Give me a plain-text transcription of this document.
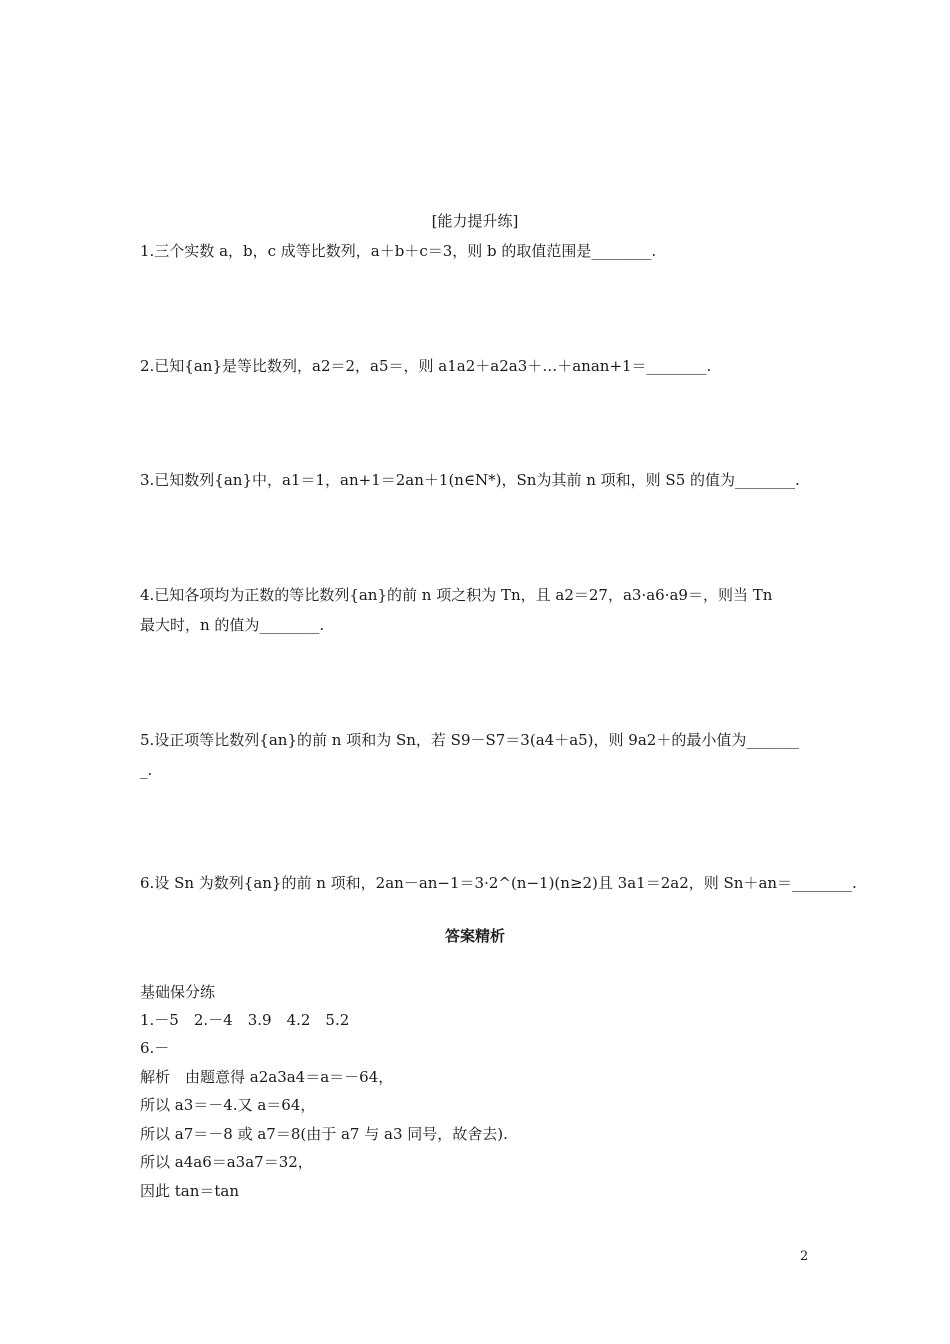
[能力提升练]
1.三个实数 a，b，c 成等比数列，a＋b＋c＝3，则 b 的取值范围是________.
2.已知{an}是等比数列，a2＝2，a5＝，则 a1a2＋a2a3＋…＋anan+1＝________.
3.已知数列{an}中，a1＝1，an+1＝2an＋1(n∈N*)，Sn为其前 n 项和，则 S5 的值为________.
4.已知各项均为正数的等比数列{an}的前 n 项之积为 Tn，且 a2＝27，a3·a6·a9＝，则当 Tn
最大时，n 的值为________.
5.设正项等比数列{an}的前 n 项和为 Sn，若 S9－S7＝3(a4＋a5)，则 9a2＋的最小值为_______
_.
6.设 Sn 为数列{an}的前 n 项和，2an－an−1＝3·2^(n−1)(n≥2)且 3a1＝2a2，则 Sn＋an＝________.
答案精析
基础保分练
1.－5　2.－4　3.9　4.2　5.2
6.－
解析　由题意得 a2a3a4＝a＝－64，
所以 a3＝－4.又 a＝64，
所以 a7＝－8 或 a7＝8(由于 a7 与 a3 同号，故舍去).
所以 a4a6＝a3a7＝32，
因此 tan＝tan
2
